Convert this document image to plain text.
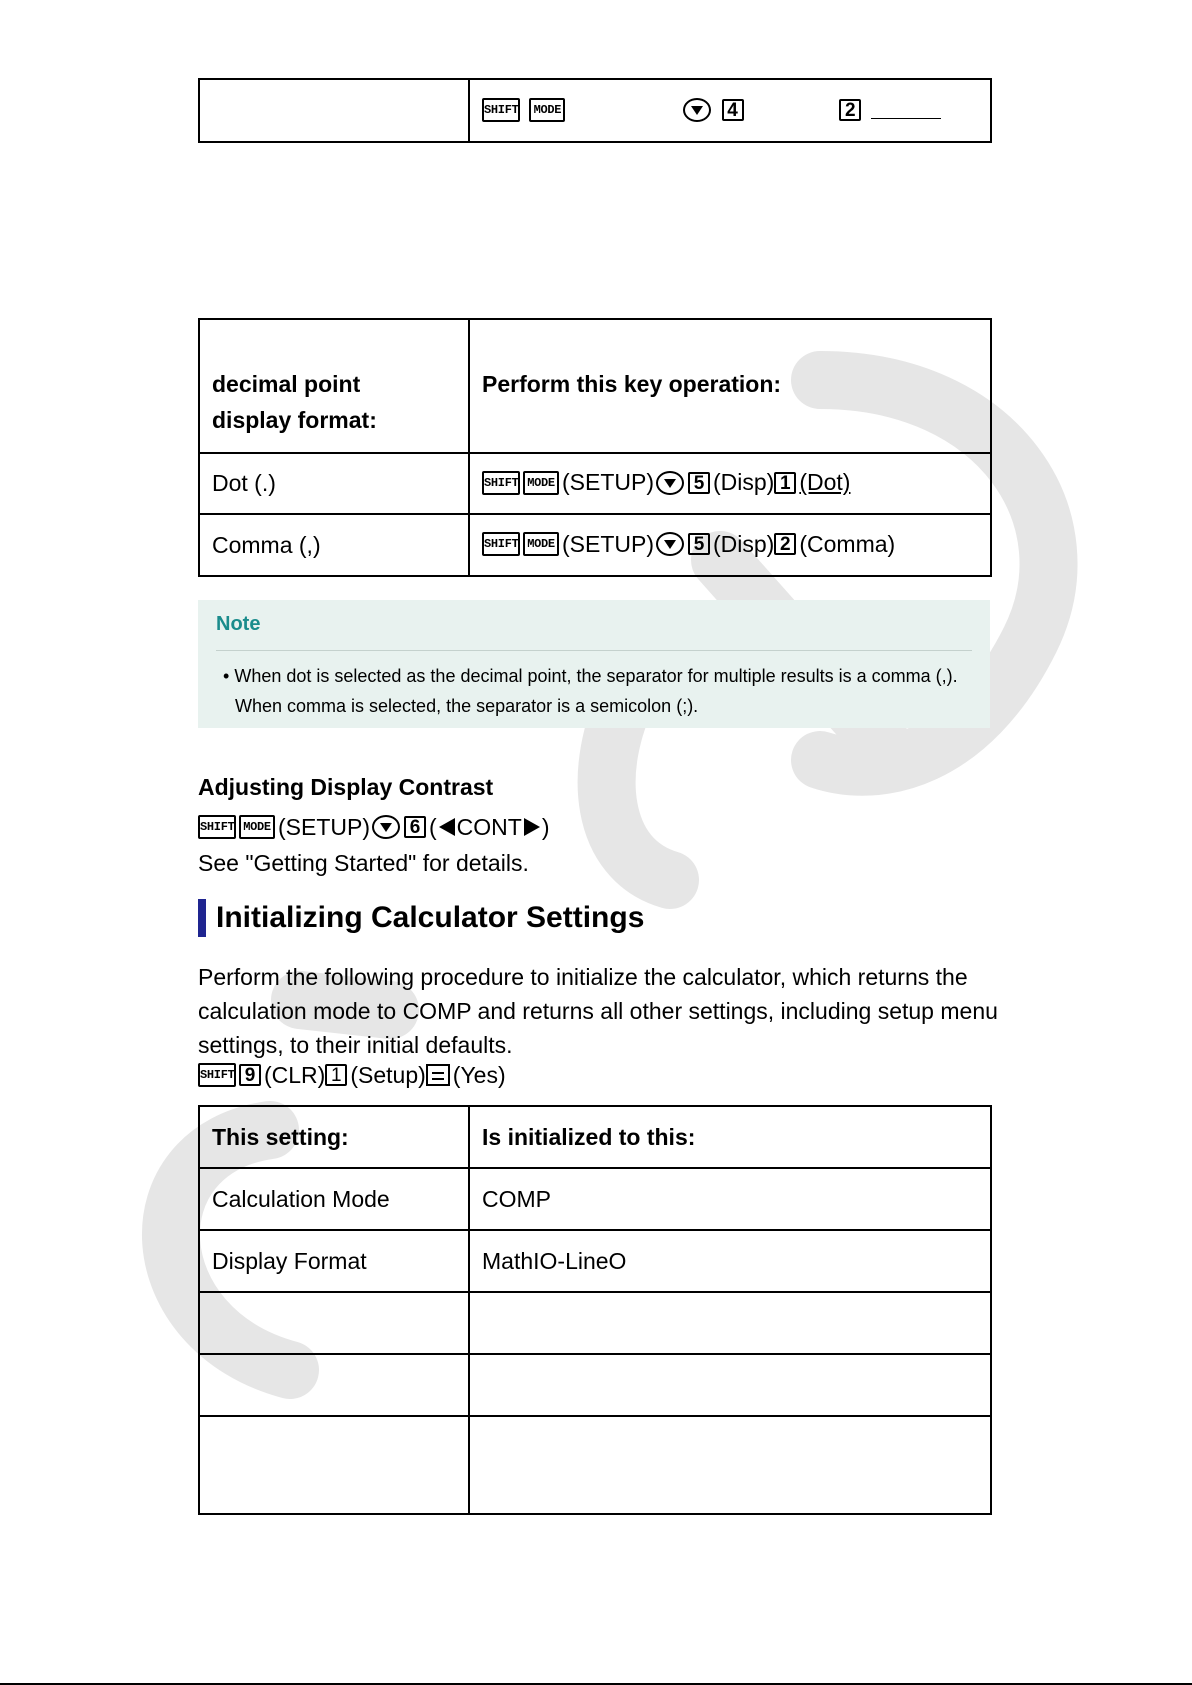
	SHIFT MODE	4	2
decimal point
display format:	Perform this key operation:
Dot (.)	SHIFT MODE (SETUP) 5 (Disp) 1 (Dot)
Comma (,)	SHIFT MODE (SETUP) 5 (Disp) 2 (Comma)

Note

• When dot is selected as the decimal point, the separator for multiple results is a comma (,). When comma is selected, the separator is a semicolon (;).

Adjusting Display Contrast

SHIFT MODE (SETUP) 6 ( CONT )

See "Getting Started" for details.

Initializing Calculator Settings

Perform the following procedure to initialize the calculator, which returns the calculation mode to COMP and returns all other settings, including setup menu settings, to their initial defaults.

SHIFT 9 (CLR) 1 (Setup) (Yes)

This setting:	Is initialized to this:
Calculation Mode	COMP
Display Format	MathIO-LineO
